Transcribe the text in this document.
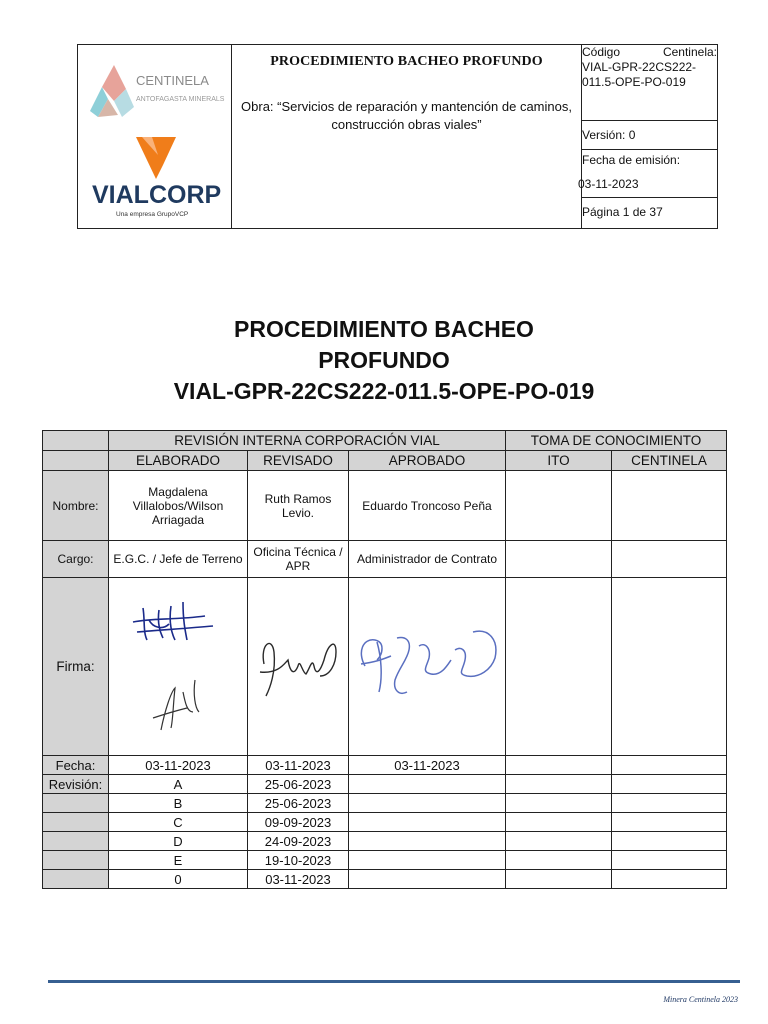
CENTINELA
ANTOFAGASTA MINERALS
VIALCORP
Una empresa GrupoVCP

PROCEDIMIENTO BACHEO PROFUNDO
Obra: “Servicios de reparación y mantención de caminos, construcción obras viales”

Código	Centinela:
VIAL-GPR-22CS222-011.5-OPE-PO-019

Versión: 0

Fecha de emisión:
03-11-2023

Página 1 de 37
PROCEDIMIENTO BACHEO
PROFUNDO
VIAL-GPR-22CS222-011.5-OPE-PO-019
	REVISIÓN INTERNA CORPORACIÓN VIAL			TOMA DE CONOCIMIENTO	
	ELABORADO	REVISADO	APROBADO	ITO	CENTINELA
Nombre:	Magdalena Villalobos/Wilson Arriagada	Ruth Ramos Levio.	Eduardo Troncoso Peña		
Cargo:	E.G.C. / Jefe de Terreno	Oficina Técnica / APR	Administrador de Contrato		
Firma:					
Fecha:	03-11-2023	03-11-2023	03-11-2023		
Revisión:	A	25-06-2023			
	B	25-06-2023			
	C	09-09-2023			
	D	24-09-2023			
	E	19-10-2023			
	0	03-11-2023			
Minera Centinela 2023
